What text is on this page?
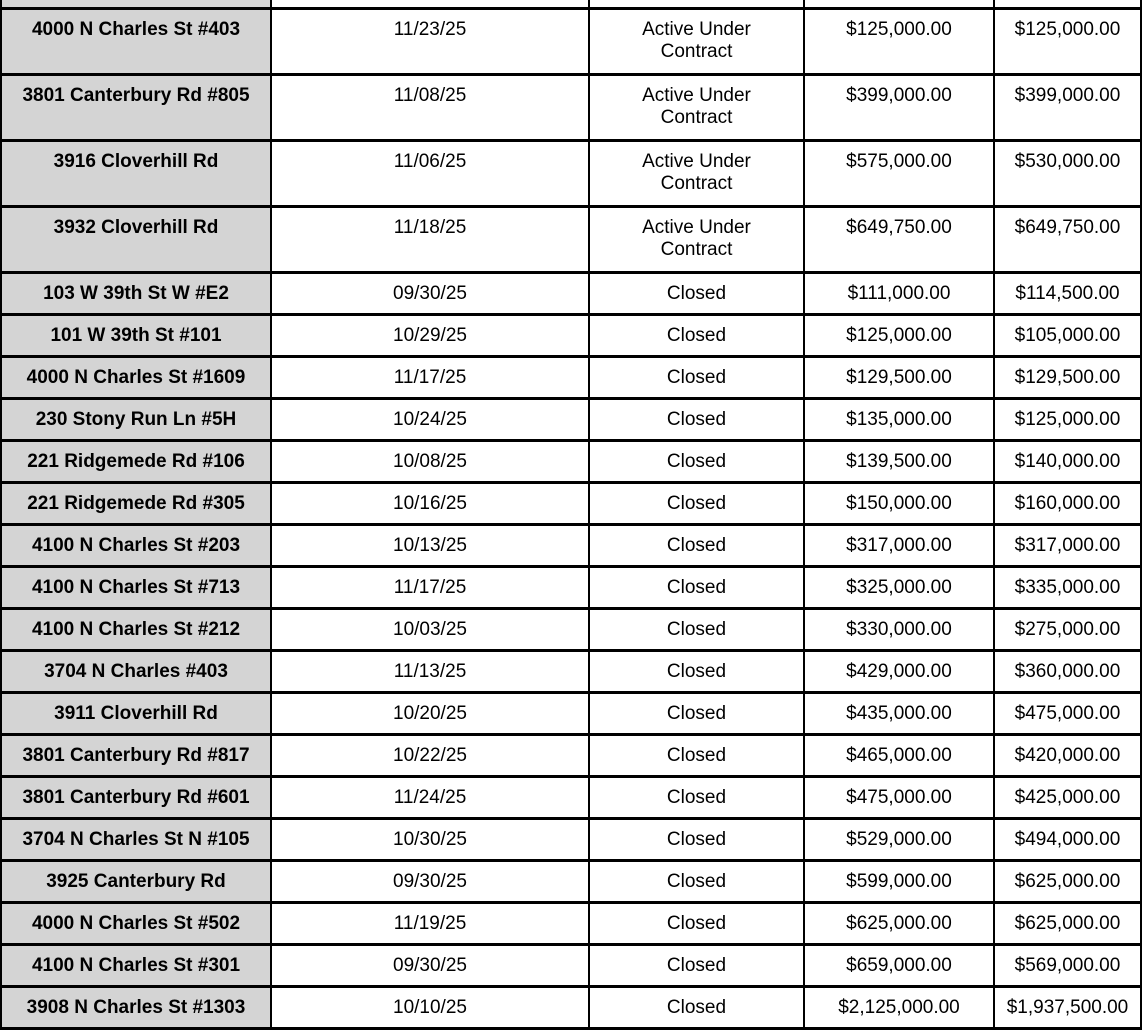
4000 N Charles St #403	11/23/25	Active Under Contract	$125,000.00	$125,000.00
3801 Canterbury Rd #805	11/08/25	Active Under Contract	$399,000.00	$399,000.00
3916 Cloverhill Rd	11/06/25	Active Under Contract	$575,000.00	$530,000.00
3932 Cloverhill Rd	11/18/25	Active Under Contract	$649,750.00	$649,750.00
103 W 39th St W #E2	09/30/25	Closed	$111,000.00	$114,500.00
101 W 39th St #101	10/29/25	Closed	$125,000.00	$105,000.00
4000 N Charles St #1609	11/17/25	Closed	$129,500.00	$129,500.00
230 Stony Run Ln #5H	10/24/25	Closed	$135,000.00	$125,000.00
221 Ridgemede Rd #106	10/08/25	Closed	$139,500.00	$140,000.00
221 Ridgemede Rd #305	10/16/25	Closed	$150,000.00	$160,000.00
4100 N Charles St #203	10/13/25	Closed	$317,000.00	$317,000.00
4100 N Charles St #713	11/17/25	Closed	$325,000.00	$335,000.00
4100 N Charles St #212	10/03/25	Closed	$330,000.00	$275,000.00
3704 N Charles #403	11/13/25	Closed	$429,000.00	$360,000.00
3911 Cloverhill Rd	10/20/25	Closed	$435,000.00	$475,000.00
3801 Canterbury Rd #817	10/22/25	Closed	$465,000.00	$420,000.00
3801 Canterbury Rd #601	11/24/25	Closed	$475,000.00	$425,000.00
3704 N Charles St N #105	10/30/25	Closed	$529,000.00	$494,000.00
3925 Canterbury Rd	09/30/25	Closed	$599,000.00	$625,000.00
4000 N Charles St #502	11/19/25	Closed	$625,000.00	$625,000.00
4100 N Charles St #301	09/30/25	Closed	$659,000.00	$569,000.00
3908 N Charles St #1303	10/10/25	Closed	$2,125,000.00	$1,937,500.00
